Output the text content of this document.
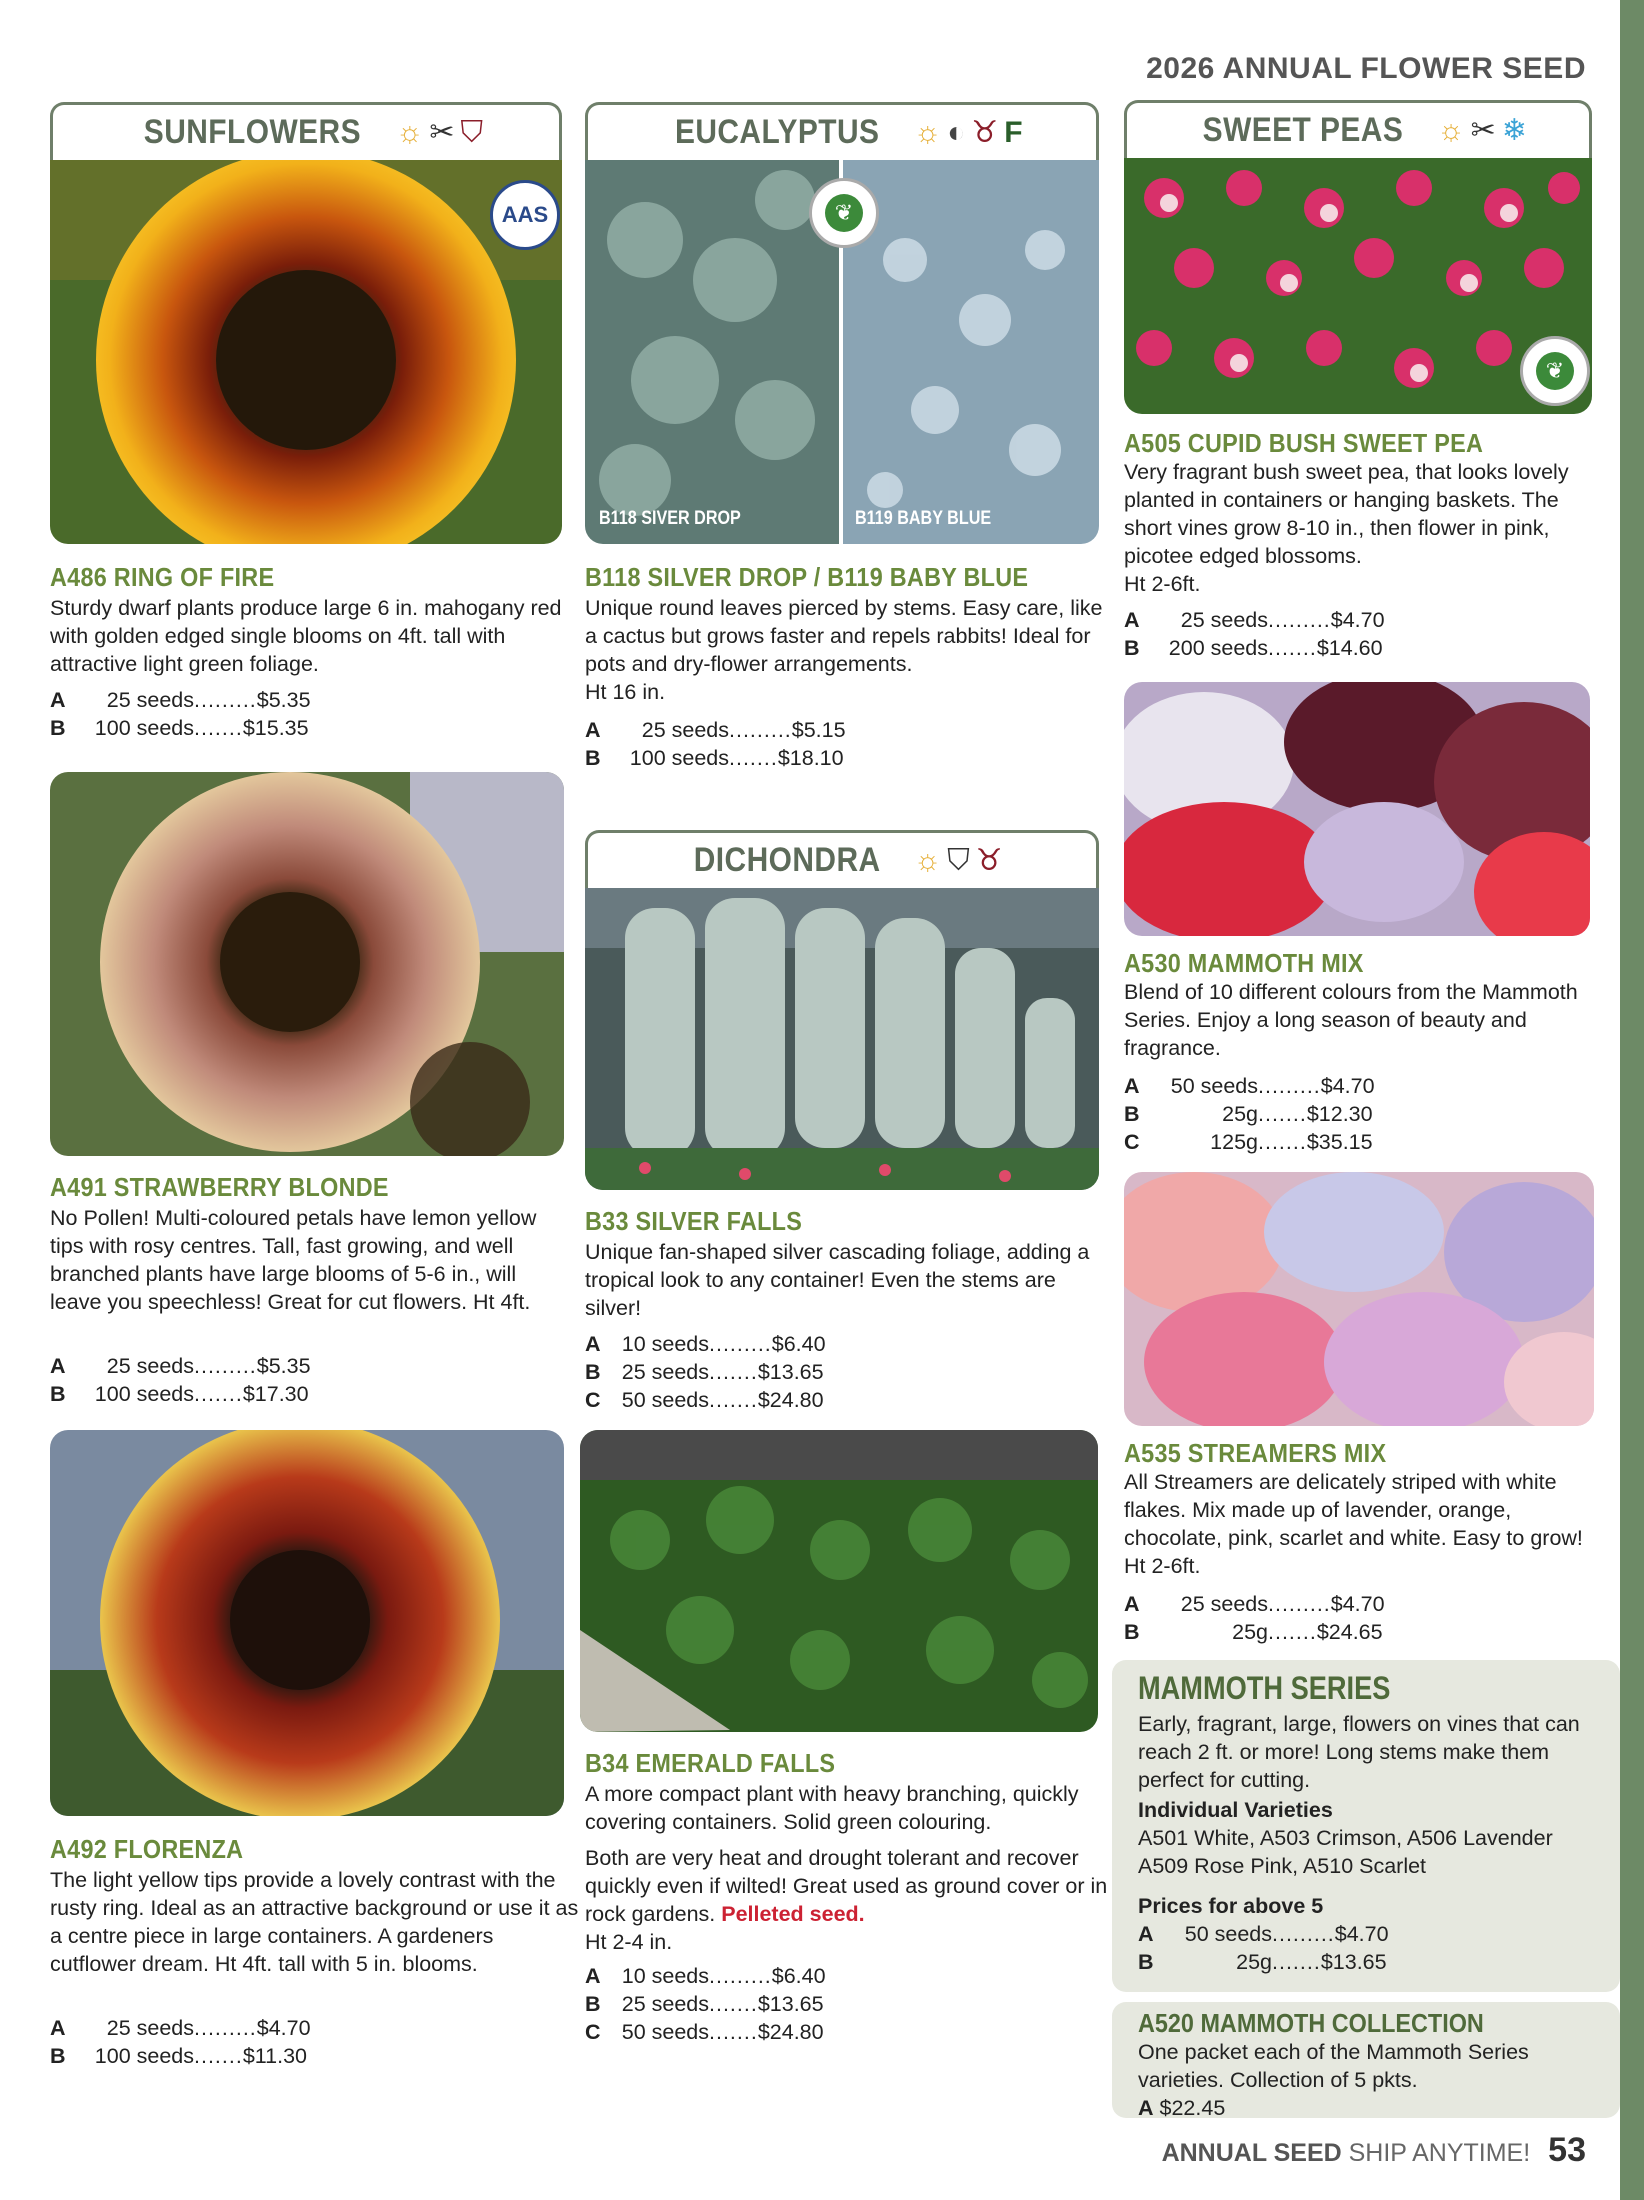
2026 ANNUAL FLOWER SEED
SUNFLOWERS ☼ ✂ ⛉
AAS
A486 RING OF FIRE
Sturdy dwarf plants produce large 6 in. mahogany red with golden edged single blooms on 4ft. tall with attractive light green foliage.
A	25 seeds ......... $5.35
B	100 seeds ....... $15.35
A491 STRAWBERRY BLONDE
No Pollen! Multi-coloured petals have lemon yellow tips with rosy centres. Tall, fast growing, and well branched plants have large blooms of 5-6 in., will leave you speechless! Great for cut flowers. Ht 4ft.
A	25 seeds ......... $5.35
B	100 seeds ....... $17.30
A492 FLORENZA
The light yellow tips provide a lovely contrast with the rusty ring. Ideal as an attractive background or use it as a centre piece in large containers. A gardeners cutflower dream. Ht 4ft. tall with 5 in. blooms.
A	25 seeds ......... $4.70
B	100 seeds ....... $11.30
EUCALYPTUS ☼ ◐ ♉ F
❦
B118 SIVER DROP	B119 BABY BLUE
B118 SILVER DROP / B119 BABY BLUE
Unique round leaves pierced by stems. Easy care, like a cactus but grows faster and repels rabbits! Ideal for pots and dry-flower arrangements.
Ht 16 in.
A	25 seeds ......... $5.15
B	100 seeds ....... $18.10
DICHONDRA ☼ ⛉ ♉
B33 SILVER FALLS
Unique fan-shaped silver cascading foliage, adding a tropical look to any container! Even the stems are silver!
A 10 seeds ......... $6.40
B 25 seeds ....... $13.65
C 50 seeds ....... $24.80
B34 EMERALD FALLS
A more compact plant with heavy branching, quickly covering containers. Solid green colouring.
Both are very heat and drought tolerant and recover quickly even if wilted! Great used as ground cover or in rock gardens. Pelleted seed.
Ht 2-4 in.
A 10 seeds ......... $6.40
B 25 seeds ....... $13.65
C 50 seeds ....... $24.80
SWEET PEAS ☼ ✂ ❄
❦
A505 CUPID BUSH SWEET PEA
Very fragrant bush sweet pea, that looks lovely planted in containers or hanging baskets. The short vines grow 8-10 in., then flower in pink, picotee edged blossoms.
Ht 2-6ft.
A	25 seeds ......... $4.70
B	200 seeds ....... $14.60
A530 MAMMOTH MIX
Blend of 10 different colours from the Mammoth Series. Enjoy a long season of beauty and fragrance.
A	50 seeds ......... $4.70
B	25g ....... $12.30
C	125g ....... $35.15
A535 STREAMERS MIX
All Streamers are delicately striped with white flakes. Mix made up of lavender, orange, chocolate, pink, scarlet and white. Easy to grow! Ht 2-6ft.
A	25 seeds ......... $4.70
B	25g ....... $24.65
MAMMOTH SERIES
Early, fragrant, large, flowers on vines that can reach 2 ft. or more! Long stems make them perfect for cutting.
Individual Varieties
A501 White, A503 Crimson, A506 Lavender
A509 Rose Pink, A510 Scarlet
Prices for above 5
A	50 seeds ......... $4.70
B	25g ....... $13.65
A520 MAMMOTH COLLECTION
One packet each of the Mammoth Series varieties. Collection of 5 pkts.
A $22.45
ANNUAL SEED SHIP ANYTIME! 53
